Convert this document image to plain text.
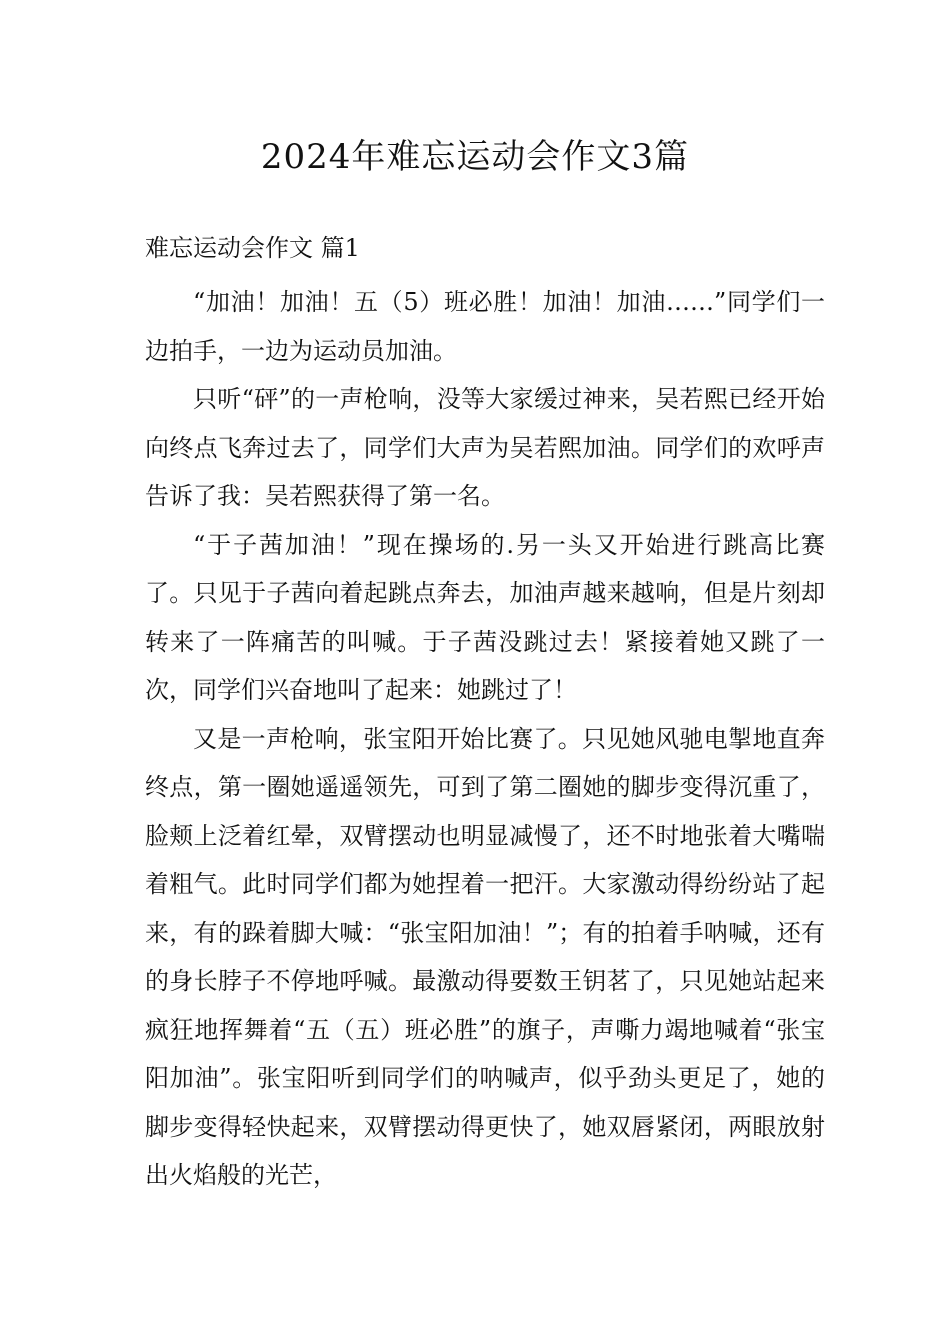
2024年难忘运动会作文3篇
难忘运动会作文 篇1

“加油！加油！五（5）班必胜！加油！加油……”同学们一边拍手，一边为运动员加油。

只听“砰”的一声枪响，没等大家缓过神来，吴若熙已经开始向终点飞奔过去了，同学们大声为吴若熙加油。同学们的欢呼声告诉了我：吴若熙获得了第一名。

“于子茜加油！”现在操场的.另一头又开始进行跳高比赛了。只见于子茜向着起跳点奔去，加油声越来越响，但是片刻却转来了一阵痛苦的叫喊。于子茜没跳过去！紧接着她又跳了一次，同学们兴奋地叫了起来：她跳过了！

又是一声枪响，张宝阳开始比赛了。只见她风驰电掣地直奔终点，第一圈她遥遥领先，可到了第二圈她的脚步变得沉重了，脸颊上泛着红晕，双臂摆动也明显减慢了，还不时地张着大嘴喘着粗气。此时同学们都为她捏着一把汗。大家激动得纷纷站了起来，有的跺着脚大喊：“张宝阳加油！”；有的拍着手呐喊，还有的身长脖子不停地呼喊。最激动得要数王钥茗了，只见她站起来疯狂地挥舞着“五（五）班必胜”的旗子，声嘶力竭地喊着“张宝阳加油”。张宝阳听到同学们的呐喊声，似乎劲头更足了，她的脚步变得轻快起来，双臂摆动得更快了，她双唇紧闭，两眼放射出火焰般的光芒，
